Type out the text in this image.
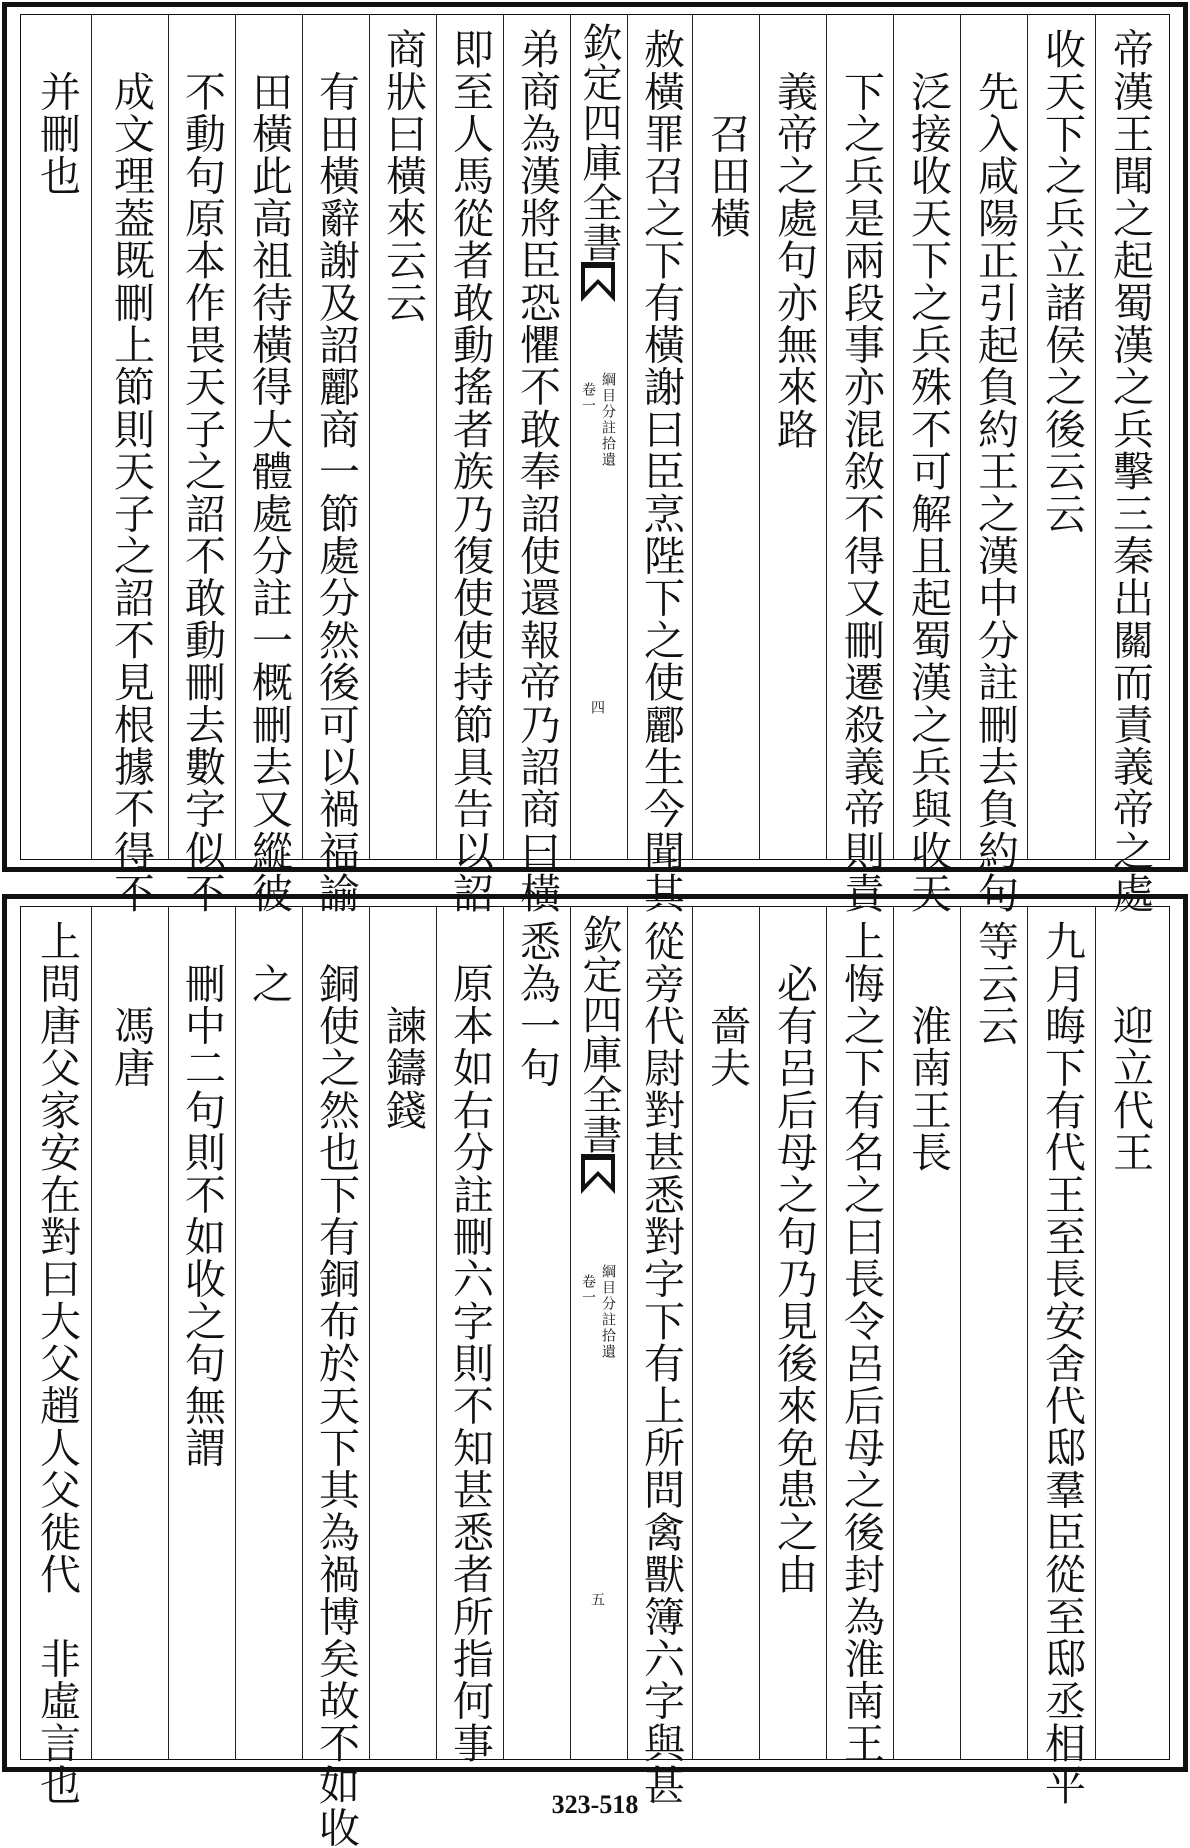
帝漢王聞之起蜀漢之兵擊三秦出關而責義帝之處
收天下之兵立諸侯之後云云
　先入咸陽正引起負約王之漢中分註刪去負約句
　泛接收天下之兵殊不可解且起蜀漢之兵與收天
　下之兵是兩段事亦混敘不得又刪遷殺義帝則責
　義帝之處句亦無來路
　　召田橫
赦橫罪召之下有橫謝曰臣烹陛下之使酈生今聞其
欽定四庫全書
綱目分註拾遺
卷一
四
弟商為漢將臣恐懼不敢奉詔使還報帝乃詔商曰橫
即至人馬從者敢動搖者族乃復使使持節具告以詔
商狀曰橫來云云
　有田橫辭謝及詔酈商一節處分然後可以禍福諭
　田橫此高祖待橫得大體處分註一概刪去又縱彼
　不動句原本作畏天子之詔不敢動刪去數字似不
　成文理葢既刪上節則天子之詔不見根據不得不
　并刪也
　　迎立代王
九月晦下有代王至長安舍代邸羣臣從至邸丞相平
等云云
　　淮南王長
上悔之下有名之曰長令呂后母之後封為淮南王
　必有呂后母之句乃見後來免患之由
　　嗇夫
從旁代尉對甚悉對字下有上所問禽獸簿六字與甚
欽定四庫全書
綱目分註拾遺
卷一
五
悉為一句
　原本如右分註刪六字則不知甚悉者所指何事
　　諫鑄錢
　銅使之然也下有銅布於天下其為禍博矣故不如收
　之
　刪中二句則不如收之句無謂
　　馮唐
上問唐父家安在對曰大父趙人父徙代　非虛言也	323-518
